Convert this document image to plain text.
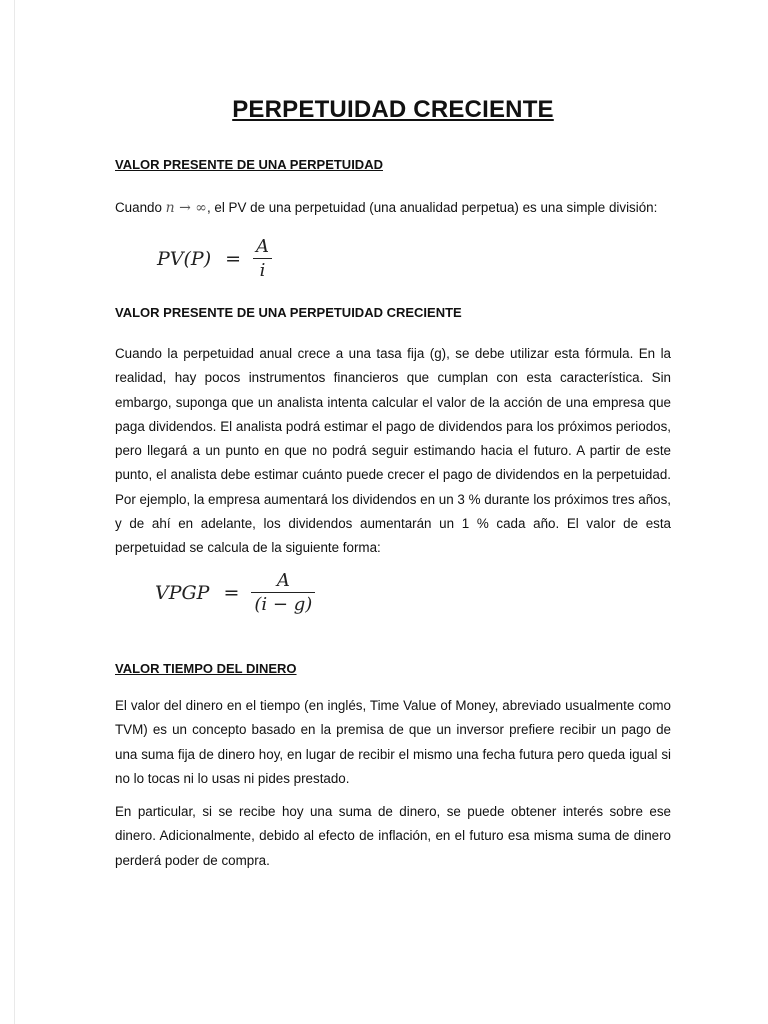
PERPETUIDAD CRECIENTE
VALOR PRESENTE DE UNA PERPETUIDAD

Cuando n → ∞, el PV de una perpetuidad (una anualidad perpetua) es una simple división:

$PV(P) = \frac{A}{i}$
VALOR PRESENTE DE UNA PERPETUIDAD CRECIENTE

Cuando la perpetuidad anual crece a una tasa fija (g), se debe utilizar esta fórmula. En la realidad, hay pocos instrumentos financieros que cumplan con esta característica. Sin embargo, suponga que un analista intenta calcular el valor de la acción de una empresa que paga dividendos. El analista podrá estimar el pago de dividendos para los próximos periodos, pero llegará a un punto en que no podrá seguir estimando hacia el futuro. A partir de este punto, el analista debe estimar cuánto puede crecer el pago de dividendos en la perpetuidad. Por ejemplo, la empresa aumentará los dividendos en un 3 % durante los próximos tres años, y de ahí en adelante, los dividendos aumentarán un 1 % cada año. El valor de esta perpetuidad se calcula de la siguiente forma:

VPGP = $\frac{A}{(i - g)}$
VALOR TIEMPO DEL DINERO

El valor del dinero en el tiempo (en inglés, Time Value of Money, abreviado usualmente como TVM) es un concepto basado en la premisa de que un inversor prefiere recibir un pago de una suma fija de dinero hoy, en lugar de recibir el mismo una fecha futura pero queda igual si no lo tocas ni lo usas ni pides prestado.

En particular, si se recibe hoy una suma de dinero, se puede obtener interés sobre ese dinero. Adicionalmente, debido al efecto de inflación, en el futuro esa misma suma de dinero perderá poder de compra.
